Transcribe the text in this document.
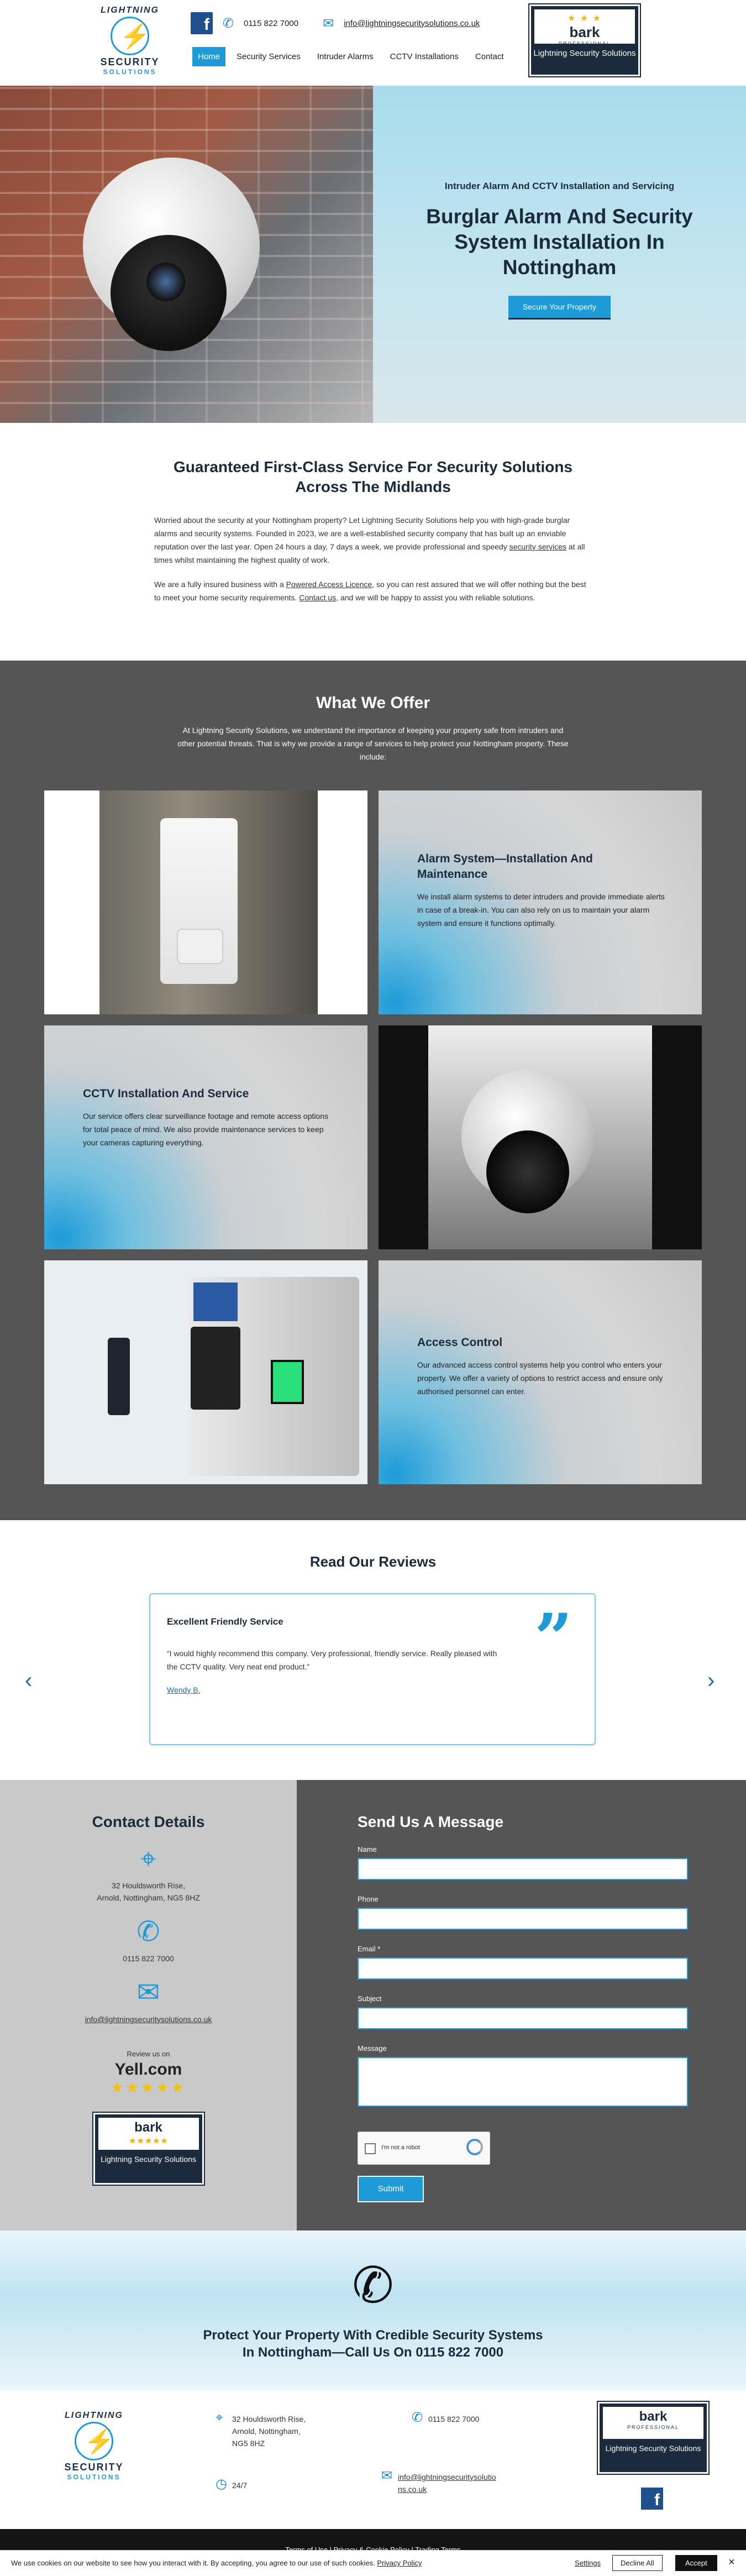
LIGHTNING
⚡
SECURITY
SOLUTIONS
f ✆ 0115 822 7000 ✉ info@lightningsecuritysolutions.co.uk
Home	Security Services	Intruder Alarms	CCTV Installations	Contact
★ ★ ★
bark
PROFESSIONAL
Lightning Security Solutions
Intruder Alarm And CCTV Installation and Servicing
Burglar Alarm And Security System Installation In Nottingham
Secure Your Property
Guaranteed First-Class Service For Security Solutions Across The Midlands

Worried about the security at your Nottingham property? Let Lightning Security Solutions help you with high-grade burglar alarms and security systems. Founded in 2023, we are a well-established security company that has built up an enviable reputation over the last year. Open 24 hours a day, 7 days a week, we provide professional and speedy security services at all times whilst maintaining the highest quality of work.

We are a fully insured business with a Powered Access Licence, so you can rest assured that we will offer nothing but the best to meet your home security requirements. Contact us, and we will be happy to assist you with reliable solutions.

What We Offer
At Lightning Security Solutions, we understand the importance of keeping your property safe from intruders and other potential threats. That is why we provide a range of services to help protect your Nottingham property. These include:
Alarm System—Installation And Maintenance

We install alarm systems to deter intruders and provide immediate alerts in case of a break-in. You can also rely on us to maintain your alarm system and ensure it functions optimally.

CCTV Installation And Service

Our service offers clear surveillance footage and remote access options for total peace of mind. We also provide maintenance services to keep your cameras capturing everything.

Access Control

Our advanced access control systems help you control who enters your property. We offer a variety of options to restrict access and ensure only authorised personnel can enter.

Read Our Reviews
‹
Excellent Friendly Service
“I would highly recommend this company. Very professional, friendly service. Really pleased with the CCTV quality. Very neat end product.”
Wendy B.
”
›
Contact Details
⌖
32 Houldsworth Rise,
Arnold, Nottingham, NG5 8HZ
✆
0115 822 7000
✉
info@lightningsecuritysolutions.co.uk
Review us on
Yell.com
★★★★★
bark
★★★★★
Lightning Security Solutions
Send Us A Message
Name
Phone
Email *
Subject
Message
I'm not a robot
Submit
✆
Protect Your Property With Credible Security Systems In Nottingham—Call Us On 0115 822 7000
LIGHTNING
⚡
SECURITY
SOLUTIONS
⌖ 32 Houldsworth Rise,
Arnold, Nottingham,
NG5 8HZ
◷ 24/7
✆ 0115 822 7000
✉ info@lightningsecuritysolutio
ns.co.uk
bark
PROFESSIONAL
Lightning Security Solutions
f
We use cookies on our website to see how you interact with it. By accepting, you agree to our use of such cookies. Privacy Policy	Settings	Decline All	Accept	×
